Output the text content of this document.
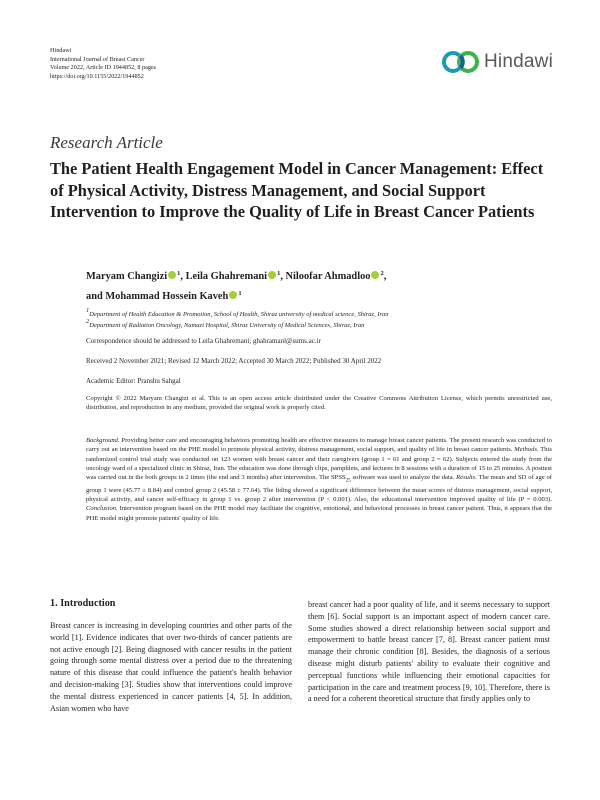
Hindawi
International Journal of Breast Cancer
Volume 2022, Article ID 1944852, 8 pages
https://doi.org/10.1155/2022/1944852
Hindawi
Research Article
The Patient Health Engagement Model in Cancer Management: Effect of Physical Activity, Distress Management, and Social Support Intervention to Improve the Quality of Life in Breast Cancer Patients
Maryam Changizi $^1$, Leila Ghahremani $^1$, Niloofar Ahmadloo $^2$,
and Mohammad Hossein Kaveh $^1$
1Department of Health Education & Promotion, School of Health, Shiraz university of medical science, Shiraz, Iran
2Department of Radiation Oncology, Namazi Hospital, Shiraz University of Medical Sciences, Shiraz, Iran
Correspondence should be addressed to Leila Ghahremani; ghahramanl@sums.ac.ir
Received 2 November 2021; Revised 12 March 2022; Accepted 30 March 2022; Published 30 April 2022
Academic Editor: Pranshu Sahgal
Copyright © 2022 Maryam Changizi et al. This is an open access article distributed under the Creative Commons Attribution License, which permits unrestricted use, distribution, and reproduction in any medium, provided the original work is properly cited.
Background. Providing better care and encouraging behaviors promoting health are effective measures to manage breast cancer patients. The present research was conducted to carry out an intervention based on the PHE model to promote physical activity, distress management, social support, and quality of life in breast cancer patients. Methods. This randomized control trial study was conducted on 123 women with breast cancer and their caregivers (group 1 = 61 and group 2 = 62). Subjects entered the study from the oncology ward of a specialized clinic in Shiraz, Iran. The education was done through clips, pamphlets, and lectures in 8 sessions with a duration of 15 to 25 minutes. A posttest was carried out in the both groups in 2 times (the end and 3 months) after intervention. The $SPSS_{25}$ software was used to analyze the data. Results. The mean and SD of age of group 1 were (45.77 ± 8.84) and control group 2 (45.58 ± 77.64). The fiding showed a significant difference between the mean scores of distress management, social support, physical activity, and cancer self-efficacy in group 1 vs. group 2 after intervention (P < 0.001). Also, the educational intervention improved quality of life (P = 0.003). Conclusion. Intervention program based on the PHE model may facilitate the cognitive, emotional, and behavioral processes in breast cancer patient. Thus, it appears that the PHE model might promote patients' quality of life.
1. Introduction
Breast cancer is increasing in developing countries and other parts of the world [1]. Evidence indicates that over two-thirds of cancer patients are not active enough [2]. Being diagnosed with cancer results in the patient going through some mental distress over a period due to the threatening nature of this disease that could influence the patient's health behavior and decision-making [3]. Studies show that interventions could improve the mental distress experienced in cancer patients [4, 5]. In addition, Asian women who have
breast cancer had a poor quality of life, and it seems necessary to support them [6]. Social support is an important aspect of modern cancer care. Some studies showed a direct relationship between social support and empowerment to battle breast cancer [7, 8]. Breast cancer patient must manage their chronic condition [8]. Besides, the diagnosis of a serious disease might disturb patients' ability to evaluate their cognitive and perceptual functions while influencing their emotional capacities for participation in the care and treatment process [9, 10]. Therefore, there is a need for a coherent theoretical structure that firstly applies only to
